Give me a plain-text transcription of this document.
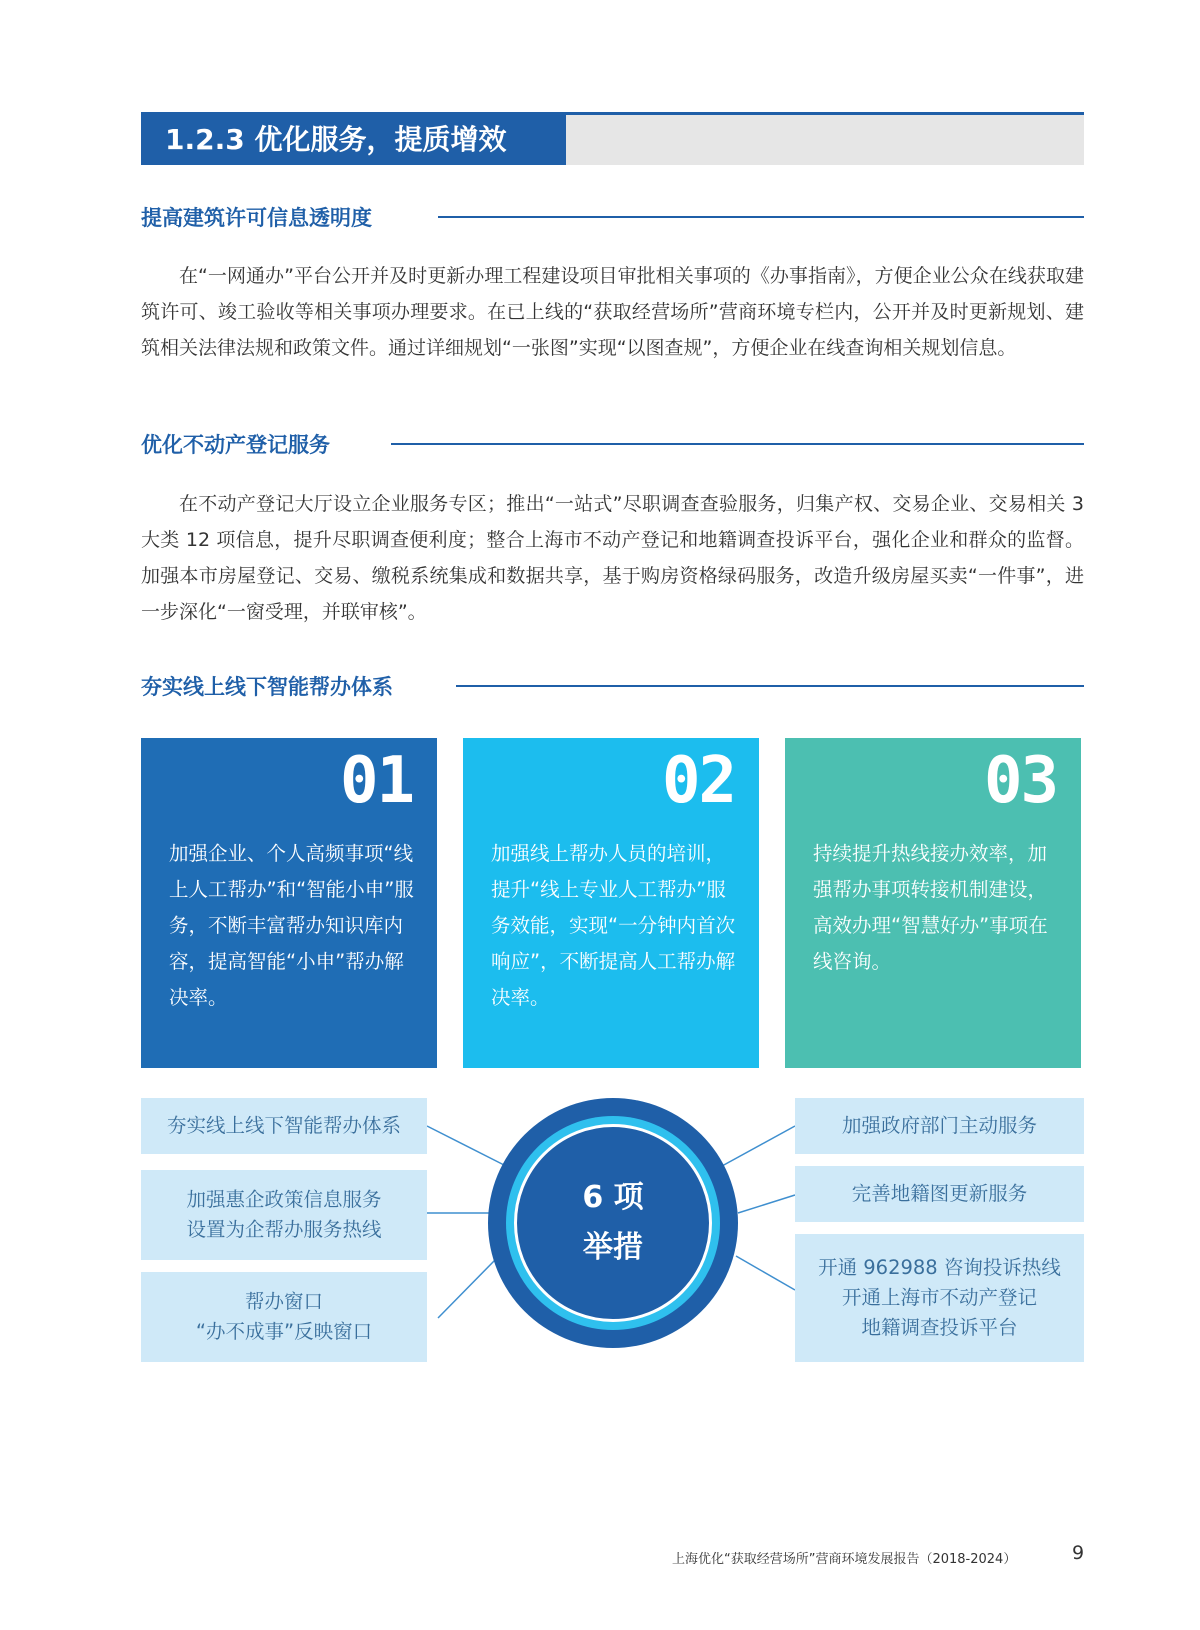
1.2.3 优化服务，提质增效
提高建筑许可信息透明度
在“一网通办”平台公开并及时更新办理工程建设项目审批相关事项的《办事指南》，方便企业公众在线获取建筑许可、竣工验收等相关事项办理要求。在已上线的“获取经营场所”营商环境专栏内，公开并及时更新规划、建筑相关法律法规和政策文件。通过详细规划“一张图”实现“以图查规”，方便企业在线查询相关规划信息。
优化不动产登记服务
在不动产登记大厅设立企业服务专区；推出“一站式”尽职调查查验服务，归集产权、交易企业、交易相关 3 大类 12 项信息，提升尽职调查便利度；整合上海市不动产登记和地籍调查投诉平台，强化企业和群众的监督。加强本市房屋登记、交易、缴税系统集成和数据共享，基于购房资格绿码服务，改造升级房屋买卖“一件事”，进一步深化“一窗受理，并联审核”。
夯实线上线下智能帮办体系
01
加强企业、个人高频事项“线上人工帮办”和“智能小申”服务，不断丰富帮办知识库内容，提高智能“小申”帮办解决率。
02
加强线上帮办人员的培训，提升“线上专业人工帮办”服务效能，实现“一分钟内首次响应”，不断提高人工帮办解决率。
03
持续提升热线接办效率，加强帮办事项转接机制建设，高效办理“智慧好办”事项在线咨询。
夯实线上线下智能帮办体系
加强惠企政策信息服务
设置为企帮办服务热线
帮办窗口
“办不成事”反映窗口
加强政府部门主动服务
完善地籍图更新服务
开通 962988 咨询投诉热线
开通上海市不动产登记
地籍调查投诉平台
6 项
举措
上海优化“获取经营场所”营商环境发展报告（2018-2024）	9
